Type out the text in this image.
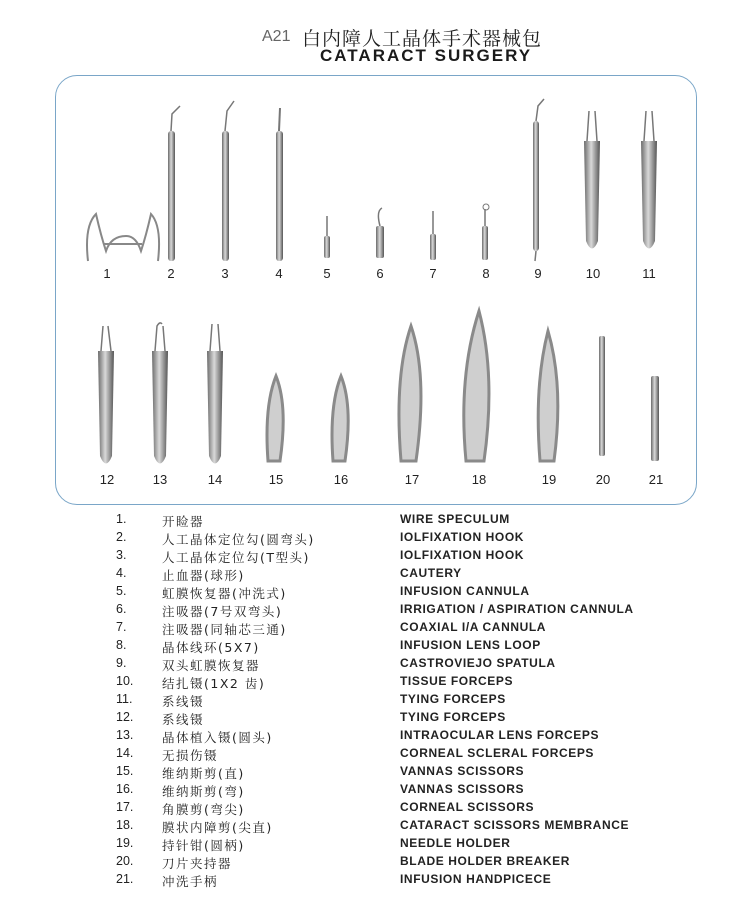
A21 白内障人工晶体手术器械包
CATARACT SURGERY
1	2	3	4	5	6	7	8	9	10	11
12	13	14	15	16	17	18	19	20	21
1.	开睑器	WIRE SPECULUM
2.	人工晶体定位勾(圆弯头)	IOLFIXATION HOOK
3.	人工晶体定位勾(T型头)	IOLFIXATION HOOK
4.	止血器(球形)	CAUTERY
5.	虹膜恢复器(冲洗式)	INFUSION CANNULA
6.	注吸器(7号双弯头)	IRRIGATION / ASPIRATION CANNULA
7.	注吸器(同轴芯三通)	COAXIAL I/A CANNULA
8.	晶体线环(5X7)	INFUSION LENS LOOP
9.	双头虹膜恢复器	CASTROVIEJO SPATULA
10.	结扎镊(1X2 齿)	TISSUE FORCEPS
11.	系线镊	TYING FORCEPS
12.	系线镊	TYING FORCEPS
13.	晶体植入镊(圆头)	INTRAOCULAR LENS FORCEPS
14.	无损伤镊	CORNEAL SCLERAL FORCEPS
15.	维纳斯剪(直)	VANNAS SCISSORS
16.	维纳斯剪(弯)	VANNAS SCISSORS
17.	角膜剪(弯尖)	CORNEAL SCISSORS
18.	膜状内障剪(尖直)	CATARACT SCISSORS MEMBRANCE
19.	持针钳(圆柄)	NEEDLE HOLDER
20.	刀片夹持器	BLADE HOLDER BREAKER
21.	冲洗手柄	INFUSION HANDPICECE
